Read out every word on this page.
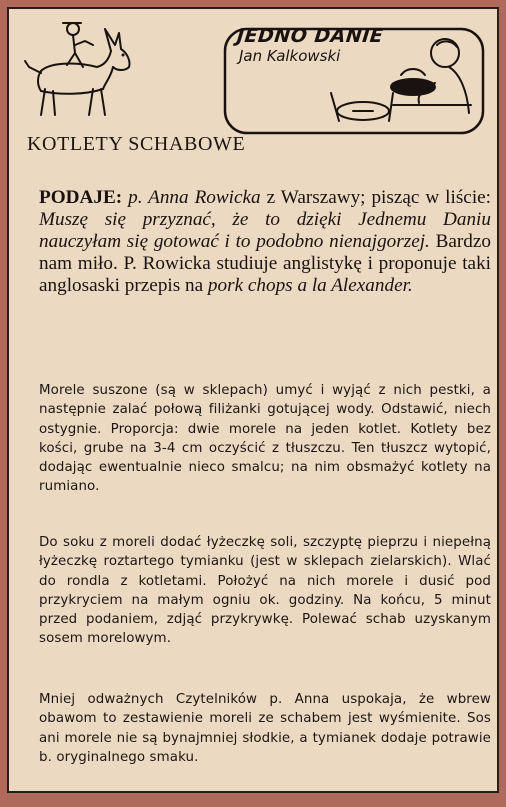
JEDNO DANIE
Jan Kalkowski
KOTLETY SCHABOWE

PODAJE: p. Anna Rowicka z Warszawy; pisząc w liście: Muszę się przyznać, że to dzięki Jednemu Daniu nauczyłam się gotować i to podobno nienajgorzej. Bardzo nam miło. P. Rowicka studiuje anglistykę i proponuje taki anglosaski przepis na pork chops a la Alexander.

Morele suszone (są w sklepach) umyć i wyjąć z nich pestki, a następnie zalać połową filiżanki gotującej wody. Odstawić, niech ostygnie. Proporcja: dwie morele na jeden kotlet. Kotlety bez kości, grube na 3-4 cm oczyścić z tłuszczu. Ten tłuszcz wytopić, dodając ewentualnie nieco smalcu; na nim obsmażyć kotlety na rumiano.

Do soku z moreli dodać łyżeczkę soli, szczyptę pieprzu i niepełną łyżeczkę roztartego tymianku (jest w sklepach zielarskich). Wlać do rondla z kotletami. Położyć na nich morele i dusić pod przykryciem na małym ogniu ok. godziny. Na końcu, 5 minut przed podaniem, zdjąć przykrywkę. Polewać schab uzyskanym sosem morelowym.

Mniej odważnych Czytelników p. Anna uspokaja, że wbrew obawom to zestawienie moreli ze schabem jest wyśmienite. Sos ani morele nie są bynajmniej słodkie, a tymianek dodaje potrawie b. oryginalnego smaku.
